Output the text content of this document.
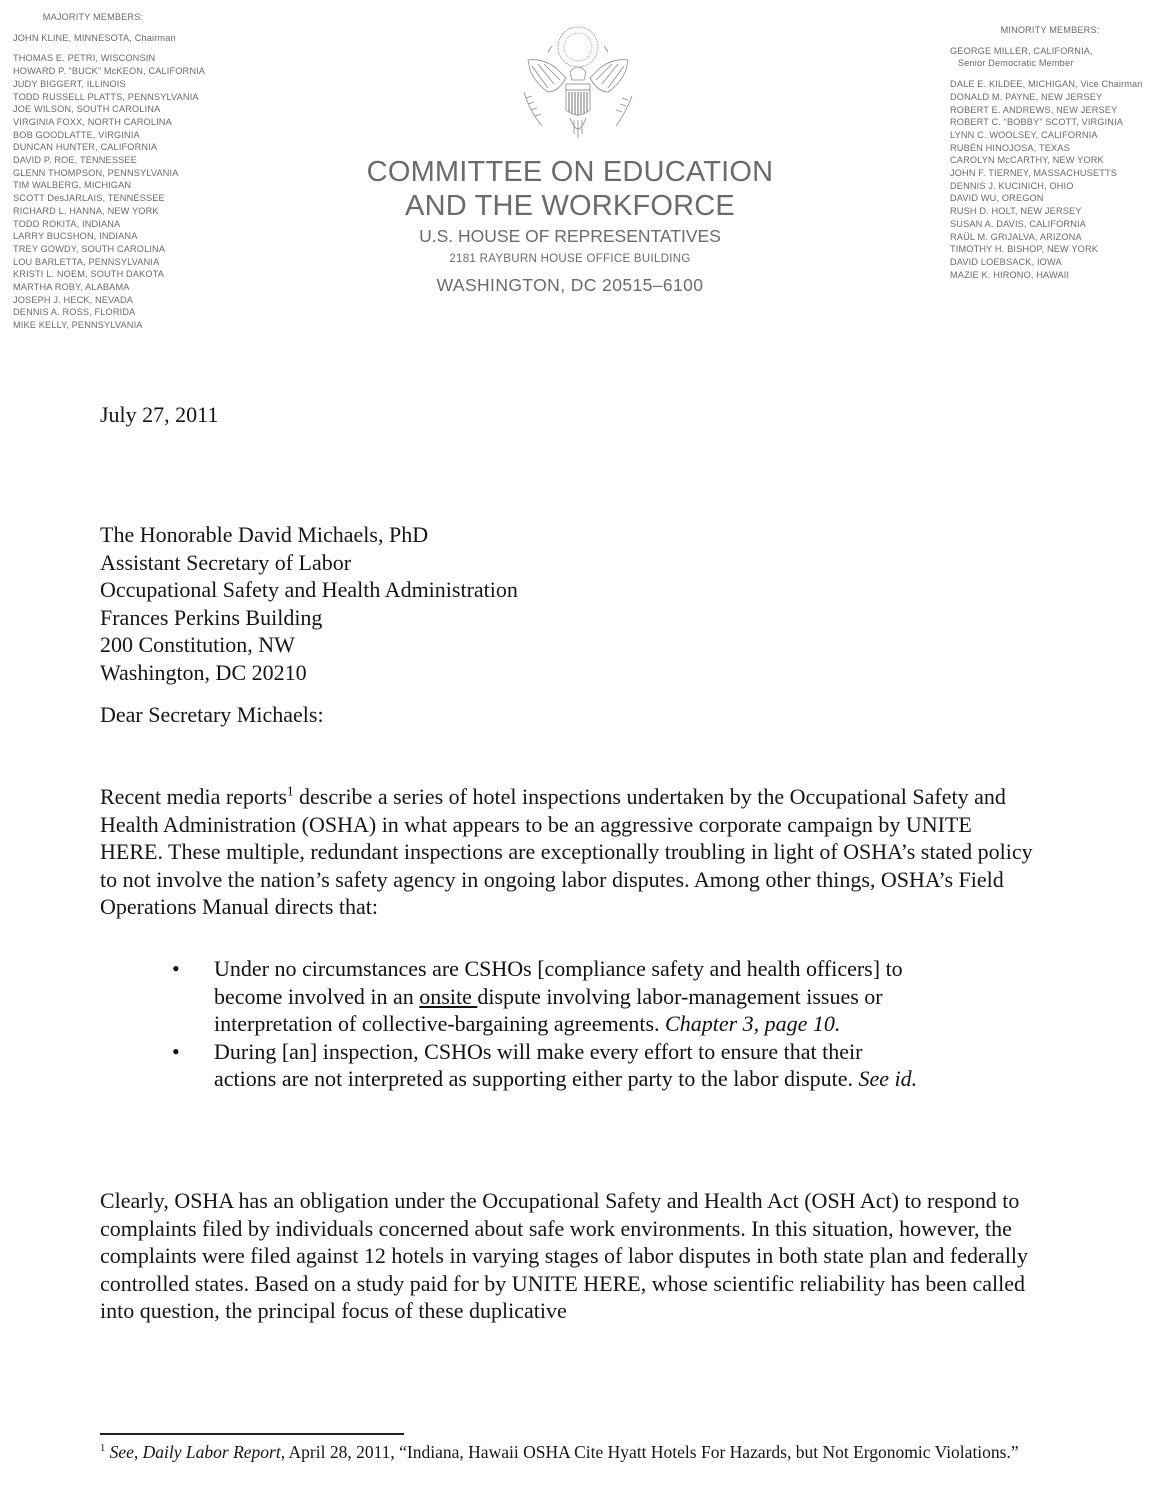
MAJORITY MEMBERS:
JOHN KLINE, MINNESOTA, Chairman
THOMAS E. PETRI, WISCONSIN
HOWARD P. “BUCK” McKEON, CALIFORNIA
JUDY BIGGERT, ILLINOIS
TODD RUSSELL PLATTS, PENNSYLVANIA
JOE WILSON, SOUTH CAROLINA
VIRGINIA FOXX, NORTH CAROLINA
BOB GOODLATTE, VIRGINIA
DUNCAN HUNTER, CALIFORNIA
DAVID P. ROE, TENNESSEE
GLENN THOMPSON, PENNSYLVANIA
TIM WALBERG, MICHIGAN
SCOTT DesJARLAIS, TENNESSEE
RICHARD L. HANNA, NEW YORK
TODD ROKITA, INDIANA
LARRY BUCSHON, INDIANA
TREY GOWDY, SOUTH CAROLINA
LOU BARLETTA, PENNSYLVANIA
KRISTI L. NOEM, SOUTH DAKOTA
MARTHA ROBY, ALABAMA
JOSEPH J. HECK, NEVADA
DENNIS A. ROSS, FLORIDA
MIKE KELLY, PENNSYLVANIA
COMMITTEE ON EDUCATION
AND THE WORKFORCE
U.S. HOUSE OF REPRESENTATIVES
2181 RAYBURN HOUSE OFFICE BUILDING
WASHINGTON, DC 20515–6100
MINORITY MEMBERS:
GEORGE MILLER, CALIFORNIA,
Senior Democratic Member
DALE E. KILDEE, MICHIGAN, Vice Chairman
DONALD M. PAYNE, NEW JERSEY
ROBERT E. ANDREWS, NEW JERSEY
ROBERT C. “BOBBY” SCOTT, VIRGINIA
LYNN C. WOOLSEY, CALIFORNIA
RUBÉN HINOJOSA, TEXAS
CAROLYN McCARTHY, NEW YORK
JOHN F. TIERNEY, MASSACHUSETTS
DENNIS J. KUCINICH, OHIO
DAVID WU, OREGON
RUSH D. HOLT, NEW JERSEY
SUSAN A. DAVIS, CALIFORNIA
RAÜL M. GRIJALVA, ARIZONA
TIMOTHY H. BISHOP, NEW YORK
DAVID LOEBSACK, IOWA
MAZIE K. HIRONO, HAWAII
July 27, 2011
The Honorable David Michaels, PhD
Assistant Secretary of Labor
Occupational Safety and Health Administration
Frances Perkins Building
200 Constitution, NW
Washington, DC 20210
Dear Secretary Michaels:
Recent media reports$^1$ describe a series of hotel inspections undertaken by the Occupational Safety and Health Administration (OSHA) in what appears to be an aggressive corporate campaign by UNITE HERE. These multiple, redundant inspections are exceptionally troubling in light of OSHA’s stated policy to not involve the nation’s safety agency in ongoing labor disputes. Among other things, OSHA’s Field Operations Manual directs that:
• Under no circumstances are CSHOs [compliance safety and health officers] to become involved in an onsite dispute involving labor-management issues or interpretation of collective-bargaining agreements. Chapter 3, page 10.
• During [an] inspection, CSHOs will make every effort to ensure that their actions are not interpreted as supporting either party to the labor dispute. See id.
Clearly, OSHA has an obligation under the Occupational Safety and Health Act (OSH Act) to respond to complaints filed by individuals concerned about safe work environments. In this situation, however, the complaints were filed against 12 hotels in varying stages of labor disputes in both state plan and federally controlled states. Based on a study paid for by UNITE HERE, whose scientific reliability has been called into question, the principal focus of these duplicative
$^1$ See, Daily Labor Report, April 28, 2011, “Indiana, Hawaii OSHA Cite Hyatt Hotels For Hazards, but Not Ergonomic Violations.”
